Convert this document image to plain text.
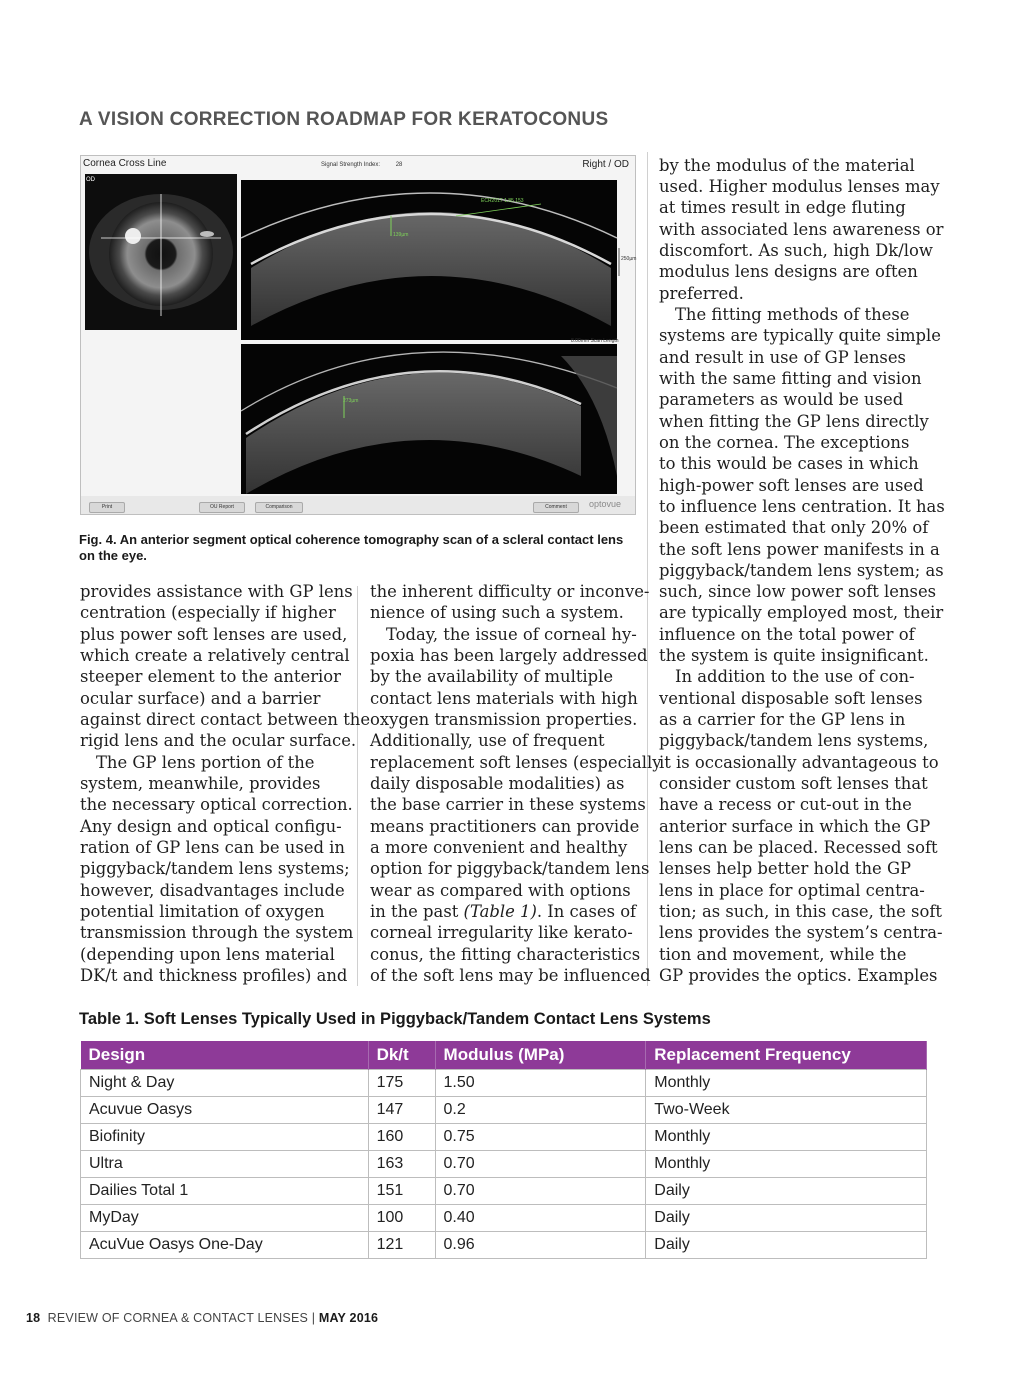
A VISION CORRECTION ROADMAP FOR KERATOCONUS
Cornea Cross Line
OD
Signal Strength Index:	28	Right / OD
ECR2017 1.85 153
139µm
273µm
250µm
8.00mm Scan Length
Print	OU Report	Comparison	Comment	optovue
Fig. 4. An anterior segment optical coherence tomography scan of a scleral contact lens on the eye.
provides assistance with GP lens
centration (especially if higher
plus power soft lenses are used,
which create a relatively central
steeper element to the anterior
ocular surface) and a barrier
against direct contact between the
rigid lens and the ocular surface.
The GP lens portion of the
system, meanwhile, provides
the necessary optical correction.
Any design and optical configu-
ration of GP lens can be used in
piggyback/tandem lens systems;
however, disadvantages include
potential limitation of oxygen
transmission through the system
(depending upon lens material
DK/t and thickness profiles) and
the inherent difficulty or inconve-
nience of using such a system.
Today, the issue of corneal hy-
poxia has been largely addressed
by the availability of multiple
contact lens materials with high
oxygen transmission properties.
Additionally, use of frequent
replacement soft lenses (especially
daily disposable modalities) as
the base carrier in these systems
means practitioners can provide
a more convenient and healthy
option for piggyback/tandem lens
wear as compared with options
in the past (Table 1). In cases of
corneal irregularity like kerato-
conus, the fitting characteristics
of the soft lens may be influenced
by the modulus of the material
used. Higher modulus lenses may
at times result in edge fluting
with associated lens awareness or
discomfort. As such, high Dk/low
modulus lens designs are often
preferred.
The fitting methods of these
systems are typically quite simple
and result in use of GP lenses
with the same fitting and vision
parameters as would be used
when fitting the GP lens directly
on the cornea. The exceptions
to this would be cases in which
high-power soft lenses are used
to influence lens centration. It has
been estimated that only 20% of
the soft lens power manifests in a
piggyback/tandem lens system; as
such, since low power soft lenses
are typically employed most, their
influence on the total power of
the system is quite insignificant.
In addition to the use of con-
ventional disposable soft lenses
as a carrier for the GP lens in
piggyback/tandem lens systems,
it is occasionally advantageous to
consider custom soft lenses that
have a recess or cut-out in the
anterior surface in which the GP
lens can be placed. Recessed soft
lenses help better hold the GP
lens in place for optimal centra-
tion; as such, in this case, the soft
lens provides the system’s centra-
tion and movement, while the
GP provides the optics. Examples
Table 1. Soft Lenses Typically Used in Piggyback/Tandem Contact Lens Systems
Design	Dk/t	Modulus (MPa)	Replacement Frequency
Night & Day	175	1.50	Monthly
Acuvue Oasys	147	0.2	Two-Week
Biofinity	160	0.75	Monthly
Ultra	163	0.70	Monthly
Dailies Total 1	151	0.70	Daily
MyDay	100	0.40	Daily
AcuVue Oasys One-Day	121	0.96	Daily
18 REVIEW OF CORNEA & CONTACT LENSES | MAY 2016
